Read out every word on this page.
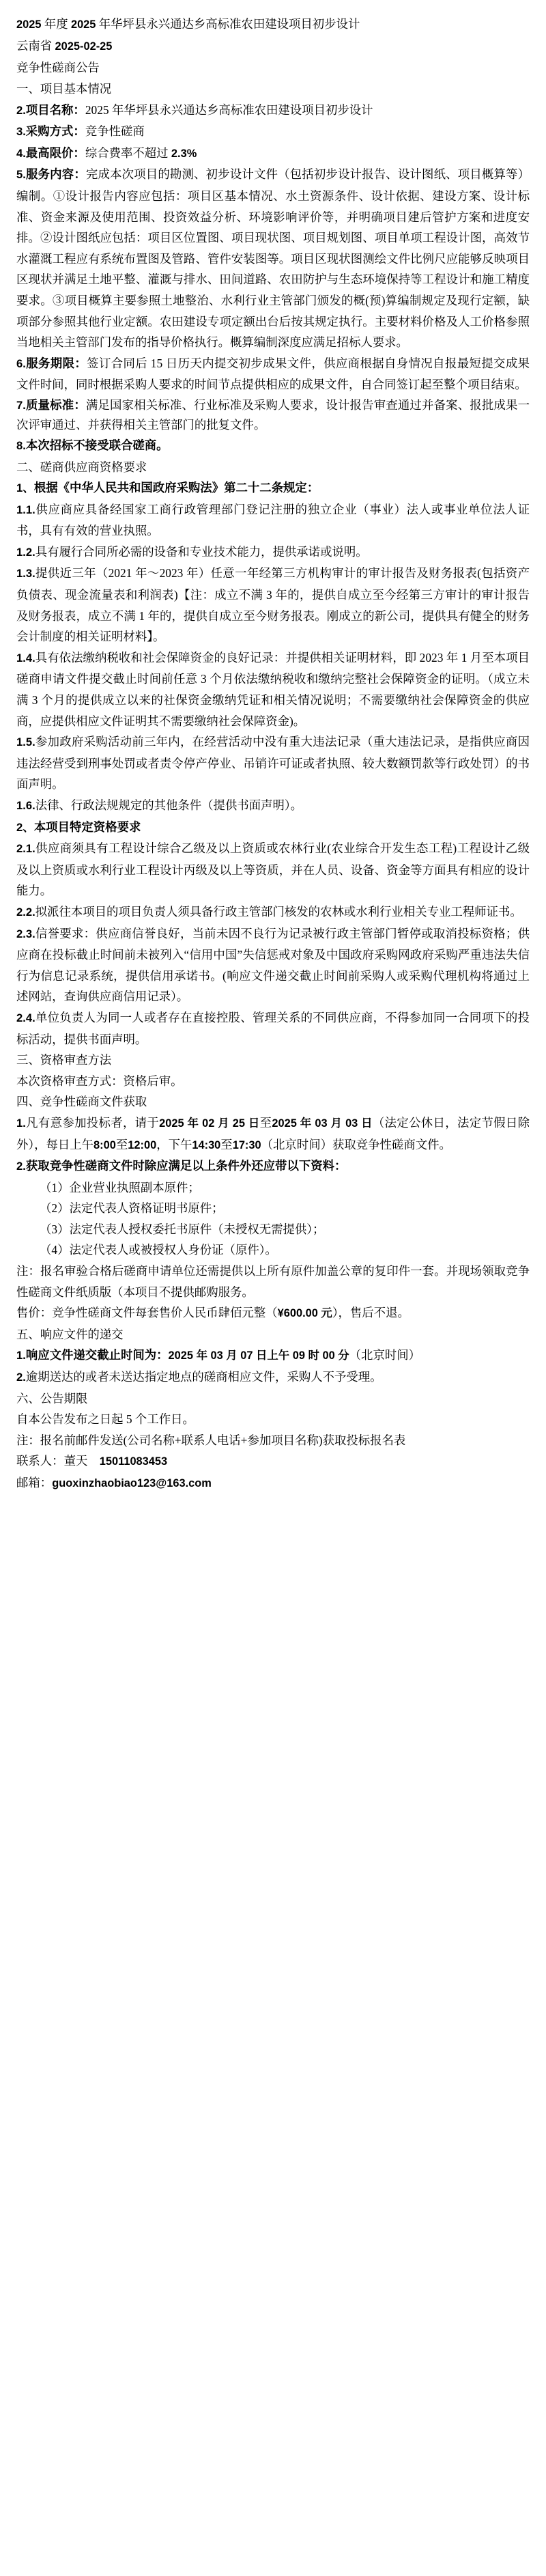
2025 年度 2025 年华坪县永兴通达乡高标准农田建设项目初步设计

云南省 2025-02-25

竞争性磋商公告

一、项目基本情况

2.项目名称：2025 年华坪县永兴通达乡高标准农田建设项目初步设计

3.采购方式：竞争性磋商

4.最高限价：综合费率不超过 2.3%

5.服务内容：完成本次项目的勘测、初步设计文件（包括初步设计报告、设计图纸、项目概算等）编制。①设计报告内容应包括：项目区基本情况、水土资源条件、设计依据、建设方案、设计标准、资金来源及使用范围、投资效益分析、环境影响评价等，并明确项目建后管护方案和进度安排。②设计图纸应包括：项目区位置图、项目现状图、项目规划图、项目单项工程设计图，高效节水灌溉工程应有系统布置图及管路、管件安装图等。项目区现状图测绘文件比例尺应能够反映项目区现状并满足土地平整、灌溉与排水、田间道路、农田防护与生态环境保持等工程设计和施工精度要求。③项目概算主要参照土地整治、水利行业主管部门颁发的概(预)算编制规定及现行定额，缺项部分参照其他行业定额。农田建设专项定额出台后按其规定执行。主要材料价格及人工价格参照当地相关主管部门发布的指导价格执行。概算编制深度应满足招标人要求。

6.服务期限：签订合同后 15 日历天内提交初步成果文件，供应商根据自身情况自报最短提交成果文件时间，同时根据采购人要求的时间节点提供相应的成果文件，自合同签订起至整个项目结束。

7.质量标准：满足国家相关标准、行业标准及采购人要求，设计报告审查通过并备案、报批成果一次评审通过、并获得相关主管部门的批复文件。

8.本次招标不接受联合磋商。

二、磋商供应商资格要求

1、根据《中华人民共和国政府采购法》第二十二条规定：

1.1.供应商应具备经国家工商行政管理部门登记注册的独立企业（事业）法人或事业单位法人证书，具有有效的营业执照。

1.2.具有履行合同所必需的设备和专业技术能力，提供承诺或说明。

1.3.提供近三年（2021 年～2023 年）任意一年经第三方机构审计的审计报告及财务报表(包括资产负债表、现金流量表和利润表)【注：成立不满 3 年的，提供自成立至今经第三方审计的审计报告及财务报表，成立不满 1 年的，提供自成立至今财务报表。刚成立的新公司，提供具有健全的财务会计制度的相关证明材料】。

1.4.具有依法缴纳税收和社会保障资金的良好记录：并提供相关证明材料，即 2023 年 1 月至本项目磋商申请文件提交截止时间前任意 3 个月依法缴纳税收和缴纳完整社会保障资金的证明。（成立未满 3 个月的提供成立以来的社保资金缴纳凭证和相关情况说明；不需要缴纳社会保障资金的供应商，应提供相应文件证明其不需要缴纳社会保障资金)。

1.5.参加政府采购活动前三年内，在经营活动中没有重大违法记录（重大违法记录，是指供应商因违法经营受到刑事处罚或者责令停产停业、吊销许可证或者执照、较大数额罚款等行政处罚）的书面声明。

1.6.法律、行政法规规定的其他条件（提供书面声明）。

2、本项目特定资格要求

2.1.供应商须具有工程设计综合乙级及以上资质或农林行业(农业综合开发生态工程)工程设计乙级及以上资质或水利行业工程设计丙级及以上等资质，并在人员、设备、资金等方面具有相应的设计能力。

2.2.拟派往本项目的项目负责人须具备行政主管部门核发的农林或水利行业相关专业工程师证书。

2.3.信誉要求：供应商信誉良好，当前未因不良行为记录被行政主管部门暂停或取消投标资格；供应商在投标截止时间前未被列入“信用中国”失信惩戒对象及中国政府采购网政府采购严重违法失信行为信息记录系统，提供信用承诺书。(响应文件递交截止时间前采购人或采购代理机构将通过上述网站，查询供应商信用记录）。

2.4.单位负责人为同一人或者存在直接控股、管理关系的不同供应商，不得参加同一合同项下的投标活动，提供书面声明。

三、资格审查方法

本次资格审查方式：资格后审。

四、竞争性磋商文件获取

1.凡有意参加投标者，请于2025 年 02 月 25 日至2025 年 03 月 03 日（法定公休日，法定节假日除外），每日上午8:00至12:00，下午14:30至17:30（北京时间）获取竞争性磋商文件。

2.获取竞争性磋商文件时除应满足以上条件外还应带以下资料：

（1）企业营业执照副本原件；

（2）法定代表人资格证明书原件；

（3）法定代表人授权委托书原件（未授权无需提供）；

（4）法定代表人或被授权人身份证（原件）。

注：报名审验合格后磋商申请单位还需提供以上所有原件加盖公章的复印件一套。并现场领取竞争性磋商文件纸质版（本项目不提供邮购服务。

售价：竞争性磋商文件每套售价人民币肆佰元整（¥600.00 元），售后不退。

五、响应文件的递交

1.响应文件递交截止时间为：2025 年 03 月 07 日上午 09 时 00 分（北京时间）

2.逾期送达的或者未送达指定地点的磋商相应文件，采购人不予受理。

六、公告期限

自本公告发布之日起 5 个工作日。

注：报名前邮件发送(公司名称+联系人电话+参加项目名称)获取投标报名表

联系人：董天 15011083453

邮箱：guoxinzhaobiao123@163.com
